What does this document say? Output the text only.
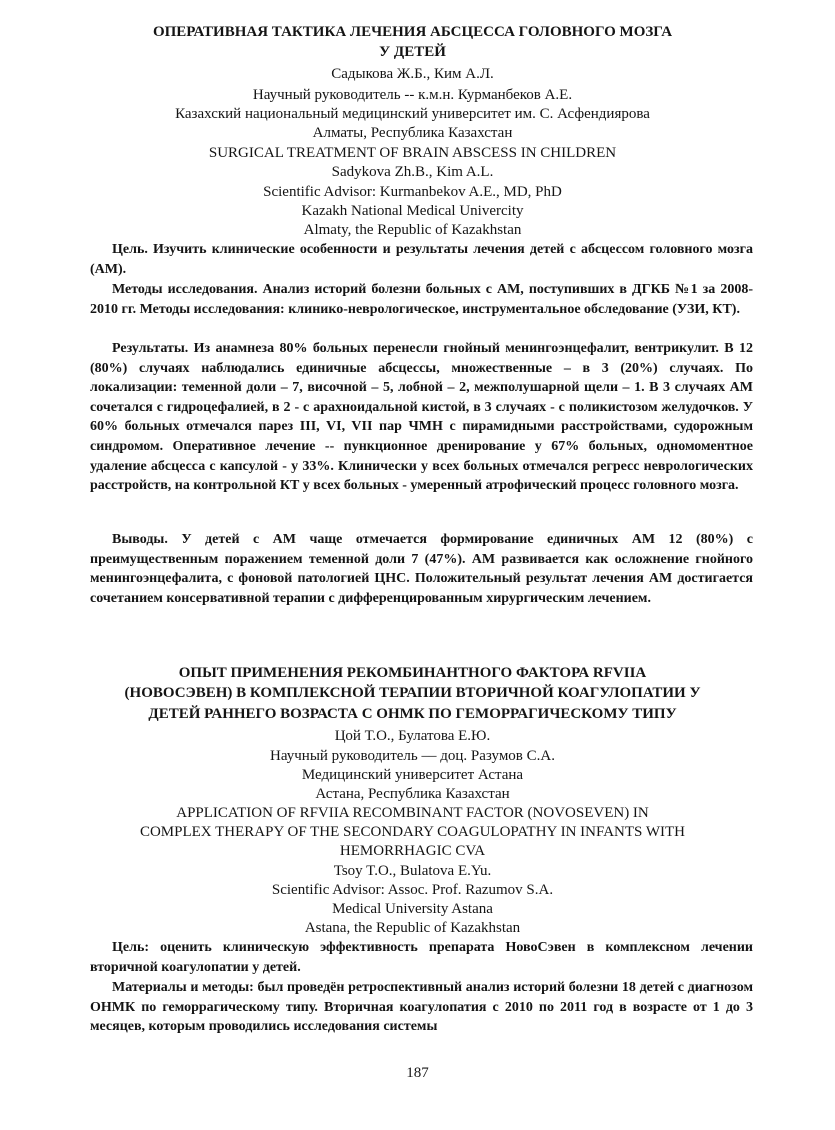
ОПЕРАТИВНАЯ ТАКТИКА ЛЕЧЕНИЯ АБСЦЕССА ГОЛОВНОГО МОЗГА
У ДЕТЕЙ
Садыкова Ж.Б., Ким А.Л.
Научный руководитель -- к.м.н. Курманбеков А.Е.
Казахский национальный медицинский университет им. С. Асфендиярова
Алматы, Республика Казахстан
SURGICAL TREATMENT OF BRAIN ABSCESS IN CHILDREN
Sadykova Zh.B., Kim A.L.
Scientific Advisor: Kurmanbekov A.E., MD, PhD
Kazakh National Medical Univercity
Almaty, the Republic of Kazakhstan
Цель. Изучить клинические особенности и результаты лечения детей с абсцессом головного мозга (АМ).
Методы исследования. Анализ историй болезни больных с АМ, поступивших в ДГКБ №1 за 2008-2010 гг. Методы исследования: клинико-неврологическое, инструментальное обследование (УЗИ, КТ).
Результаты. Из анамнеза 80% больных перенесли гнойный менингоэнцефалит, вентрикулит. В 12 (80%) случаях наблюдались единичные абсцессы, множественные – в 3 (20%) случаях. По локализации: теменной доли – 7, височной – 5, лобной – 2, межполушарной щели – 1. В 3 случаях АМ сочетался с гидроцефалией, в 2 - с арахноидальной кистой, в 3 случаях - с поликистозом желудочков. У 60% больных отмечался парез III, VI, VII пар ЧМН с пирамидными расстройствами, судорожным синдромом. Оперативное лечение -- пункционное дренирование у 67% больных, одномоментное удаление абсцесса с капсулой - у 33%. Клинически у всех больных отмечался регресс неврологических расстройств, на контрольной КТ у всех больных - умеренный атрофический процесс головного мозга.
Выводы. У детей с АМ чаще отмечается формирование единичных АМ 12 (80%) с преимущественным поражением теменной доли 7 (47%). АМ развивается как осложнение гнойного менингоэнцефалита, с фоновой патологией ЦНС. Положительный результат лечения АМ достигается сочетанием консервативной терапии с дифференцированным хирургическим лечением.
ОПЫТ ПРИМЕНЕНИЯ РЕКОМБИНАНТНОГО ФАКТОРА RFVIIA
(НОВОСЭВЕН) В КОМПЛЕКСНОЙ ТЕРАПИИ ВТОРИЧНОЙ КОАГУЛОПАТИИ У
ДЕТЕЙ РАННЕГО ВОЗРАСТА С ОНМК ПО ГЕМОРРАГИЧЕСКОМУ ТИПУ
Цой Т.О., Булатова Е.Ю.
Научный руководитель –– доц. Разумов С.А.
Медицинский университет Астана
Астана, Республика Казахстан
APPLICATION OF RFVIIA RECOMBINANT FACTOR (NOVOSEVEN) IN
COMPLEX THERAPY OF THE SECONDARY COAGULOPATHY IN INFANTS WITH
HEMORRHAGIC CVA
Tsoy T.O., Bulatova E.Yu.
Scientific Advisor: Assoc. Prof. Razumov S.A.
Medical University Astana
Astana, the Republic of Kazakhstan
Цель: оценить клиническую эффективность препарата НовоСэвен в комплексном лечении вторичной коагулопатии у детей.
Материалы и методы: был проведён ретроспективный анализ историй болезни 18 детей с диагнозом ОНМК по геморрагическому типу. Вторичная коагулопатия с 2010 по 2011 год в возрасте от 1 до 3 месяцев, которым проводились исследования системы
187
